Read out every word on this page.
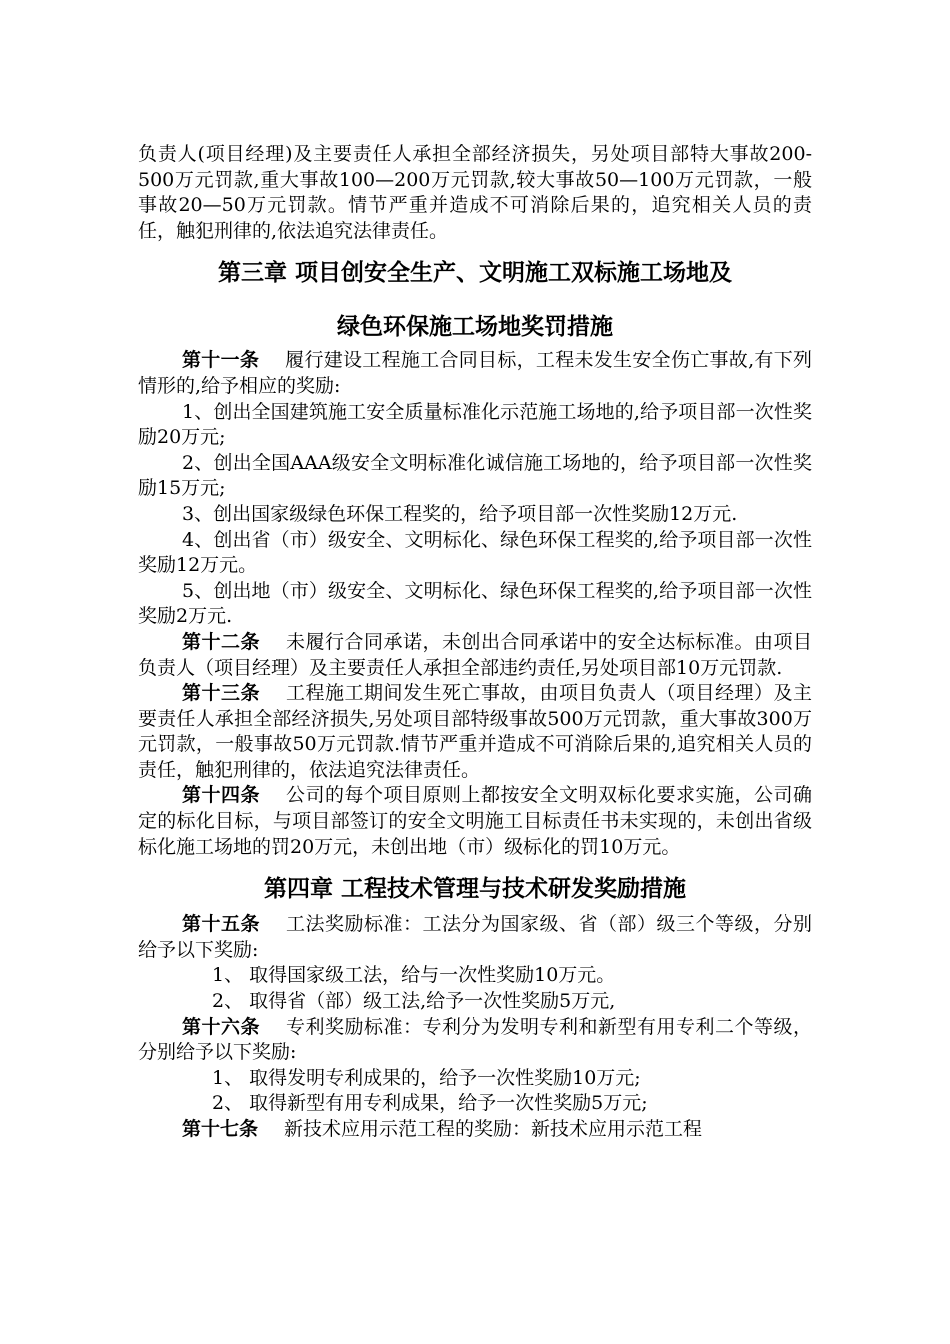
负责人(项目经理)及主要责任人承担全部经济损失，另处项目部特大事故200-500万元罚款,重大事故100—200万元罚款,较大事故50—100万元罚款，一般事故20—50万元罚款。情节严重并造成不可消除后果的，追究相关人员的责任，触犯刑律的,依法追究法律责任。

第三章 项目创安全生产、文明施工双标施工场地及
绿色环保施工场地奖罚措施

第十一条 履行建设工程施工合同目标，工程未发生安全伤亡事故,有下列情形的,给予相应的奖励:

1、创出全国建筑施工安全质量标准化示范施工场地的,给予项目部一次性奖励20万元;

2、创出全国AAA级安全文明标准化诚信施工场地的，给予项目部一次性奖励15万元;

3、创出国家级绿色环保工程奖的，给予项目部一次性奖励12万元.

4、创出省（市）级安全、文明标化、绿色环保工程奖的,给予项目部一次性奖励12万元。

5、创出地（市）级安全、文明标化、绿色环保工程奖的,给予项目部一次性奖励2万元.

第十二条 未履行合同承诺，未创出合同承诺中的安全达标标准。由项目负责人（项目经理）及主要责任人承担全部违约责任,另处项目部10万元罚款.

第十三条 工程施工期间发生死亡事故，由项目负责人（项目经理）及主要责任人承担全部经济损失,另处项目部特级事故500万元罚款，重大事故300万元罚款，一般事故50万元罚款.情节严重并造成不可消除后果的,追究相关人员的责任，触犯刑律的，依法追究法律责任。

第十四条 公司的每个项目原则上都按安全文明双标化要求实施，公司确定的标化目标，与项目部签订的安全文明施工目标责任书未实现的，未创出省级标化施工场地的罚20万元，未创出地（市）级标化的罚10万元。

第四章 工程技术管理与技术研发奖励措施

第十五条 工法奖励标准：工法分为国家级、省（部）级三个等级，分别给予以下奖励:

1、 取得国家级工法，给与一次性奖励10万元。

2、 取得省（部）级工法,给予一次性奖励5万元,

第十六条 专利奖励标准：专利分为发明专利和新型有用专利二个等级，分别给予以下奖励:

1、 取得发明专利成果的，给予一次性奖励10万元;

2、 取得新型有用专利成果，给予一次性奖励5万元;

第十七条 新技术应用示范工程的奖励：新技术应用示范工程
